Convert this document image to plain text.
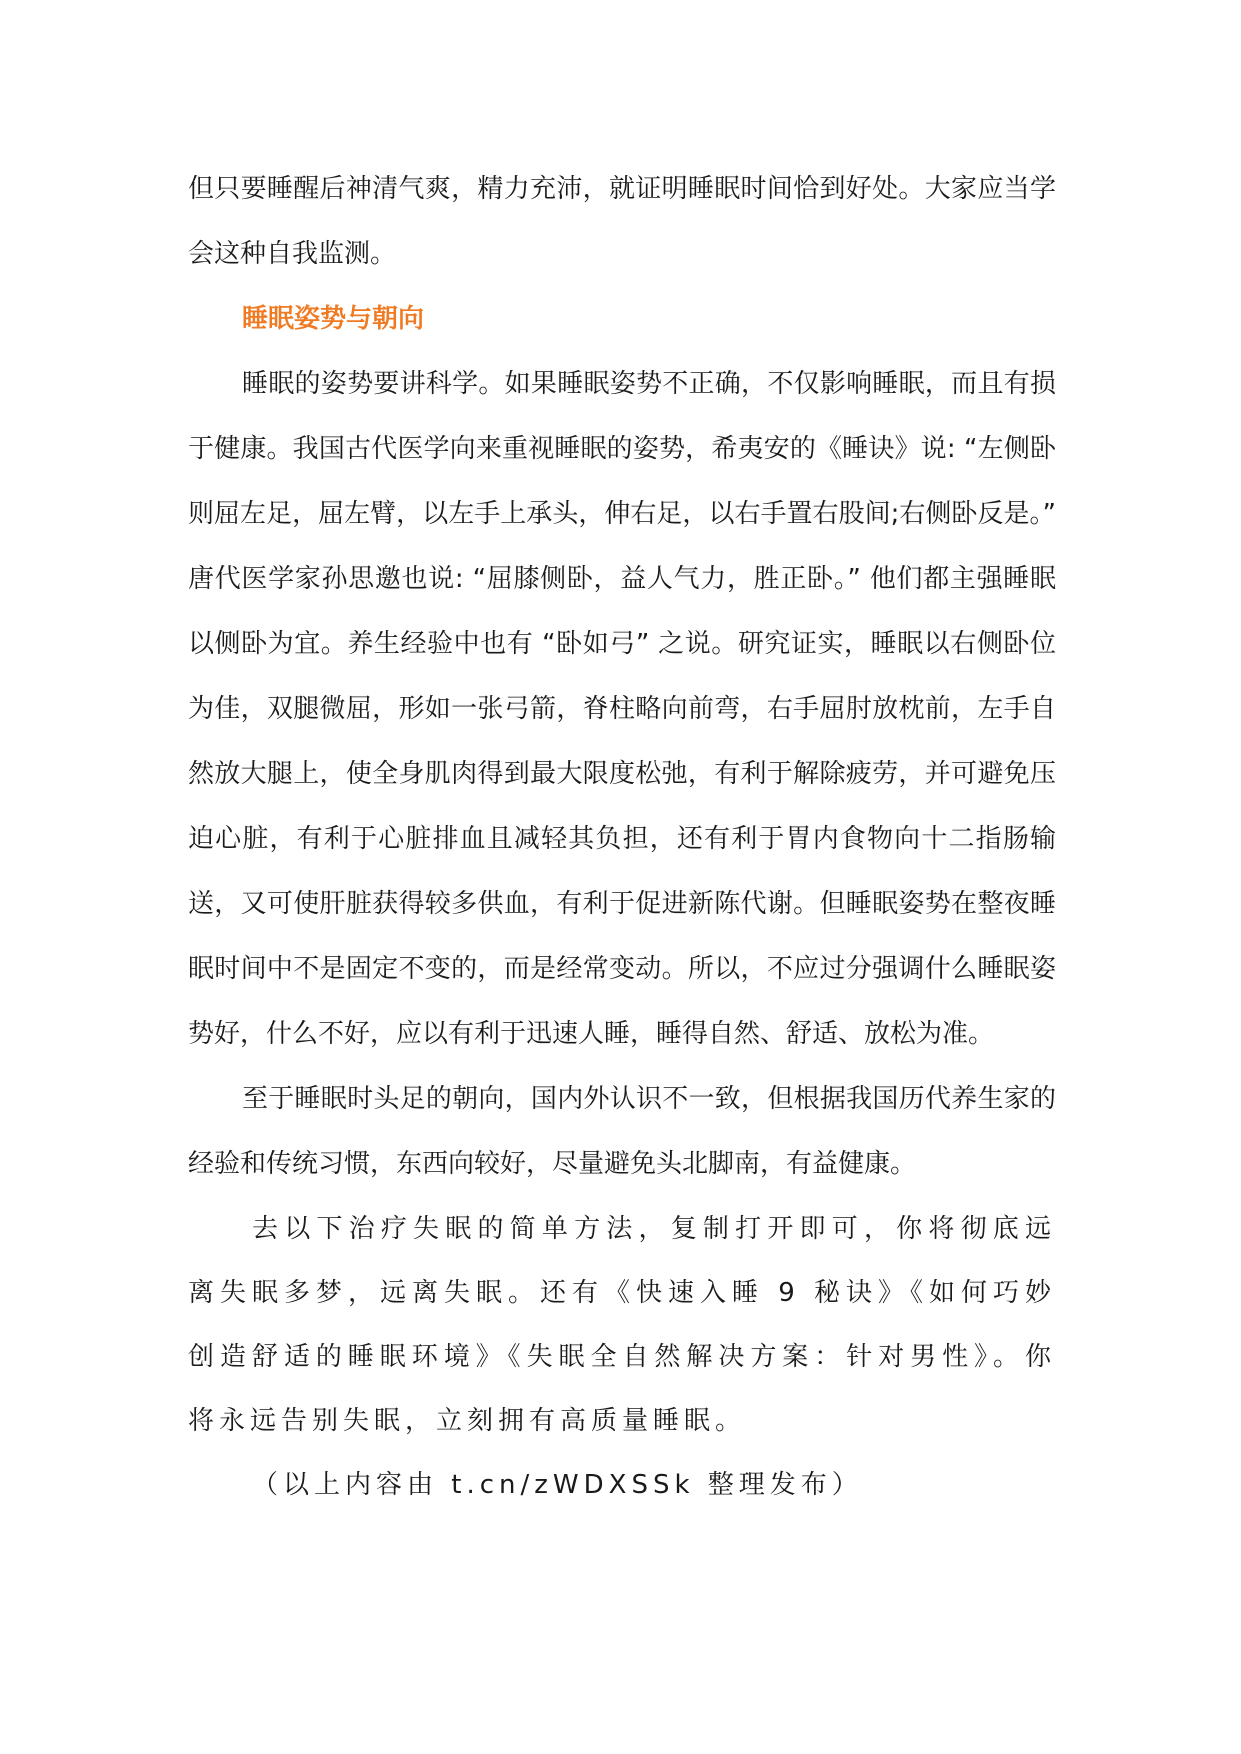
但只要睡醒后神清气爽，精力充沛，就证明睡眠时间恰到好处。大家应当学会这种自我监测。

睡眠姿势与朝向

睡眠的姿势要讲科学。如果睡眠姿势不正确，不仅影响睡眠，而且有损于健康。我国古代医学向来重视睡眠的姿势，希夷安的《睡诀》说: “左侧卧则屈左足，屈左臂，以左手上承头，伸右足，以右手置右股间;右侧卧反是。” 唐代医学家孙思邀也说: “屈膝侧卧，益人气力，胜正卧。” 他们都主强睡眠以侧卧为宜。养生经验中也有 “卧如弓” 之说。研究证实，睡眠以右侧卧位为佳，双腿微屈，形如一张弓箭，脊柱略向前弯，右手屈肘放枕前，左手自然放大腿上，使全身肌肉得到最大限度松弛，有利于解除疲劳，并可避免压迫心脏，有利于心脏排血且减轻其负担，还有利于胃内食物向十二指肠输送，又可使肝脏获得较多供血，有利于促进新陈代谢。但睡眠姿势在整夜睡眠时间中不是固定不变的，而是经常变动。所以，不应过分强调什么睡眠姿势好，什么不好，应以有利于迅速人睡，睡得自然、舒适、放松为准。

至于睡眠时头足的朝向，国内外认识不一致，但根据我国历代养生家的经验和传统习惯，东西向较好，尽量避免头北脚南，有益健康。

去以下治疗失眠的简单方法，复制打开即可，你将彻底远离失眠多梦，远离失眠。还有《快速入睡 9 秘诀》《如何巧妙创造舒适的睡眠环境》《失眠全自然解决方案：针对男性》。你将永远告别失眠，立刻拥有高质量睡眠。

（以上内容由 t.cn/zWDXSSk 整理发布）
